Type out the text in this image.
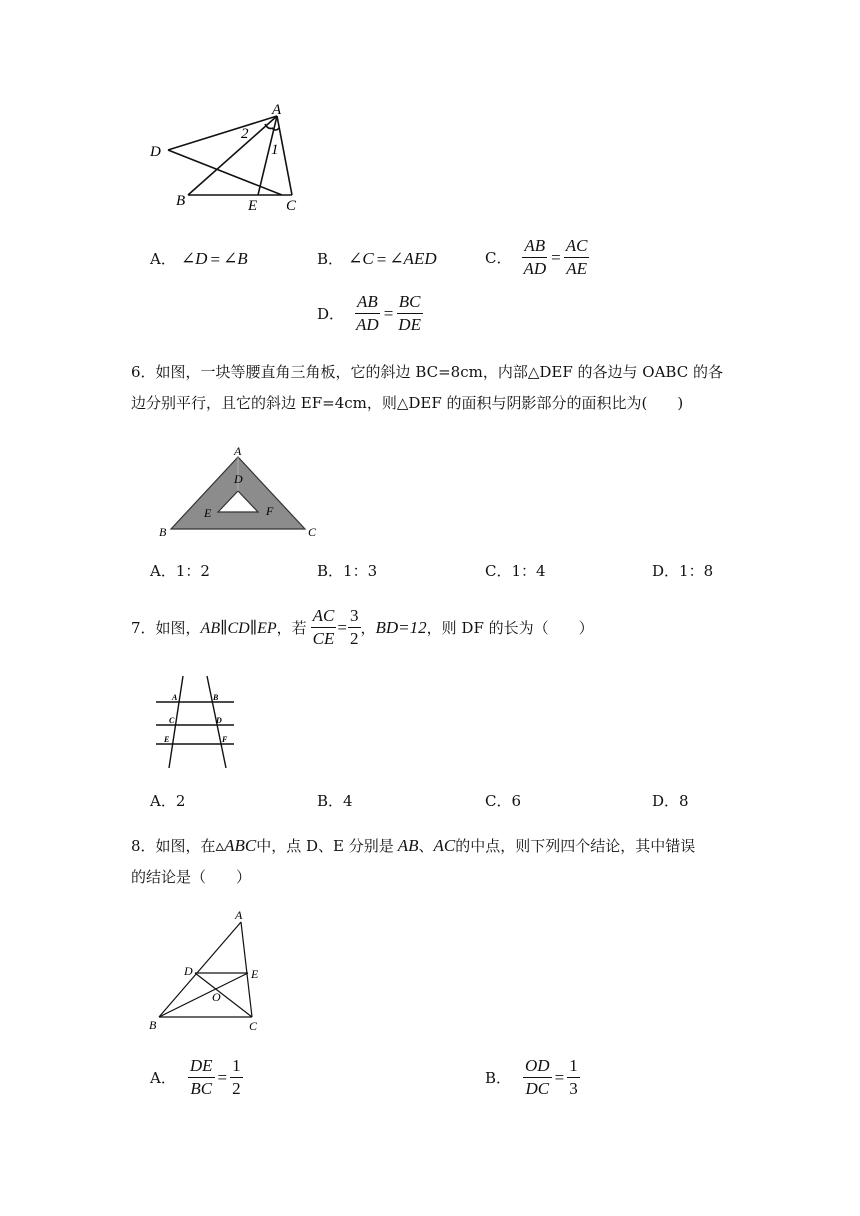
A
D
B	E C
2
1
A． ∠D = ∠B	B． ∠C = ∠AED	C． $\frac{AB}{AD} = \frac{AC}{AE}$
D． $\frac{AB}{AD} = \frac{BC}{DE}$
6．如图，一块等腰直角三角板，它的斜边 BC=8cm，内部△DEF 的各边与 OABC 的各
边分别平行，且它的斜边 EF=4cm，则△DEF 的面积与阴影部分的面积比为(　　)
A
B	C
D
E	F
A．1：2	B．1：3	C．1：4	D．1：8
7．如图， AB∥CD∥EP ，若 $\frac{AC}{CE} = \frac{3}{2}$ ， BD=12 ，则 DF 的长为（　　）
A	B
C	D
E	F
A．2	B．4	C．6	D．8
8．如图，在 ▵ABC 中，点 D、E 分别是 AB 、 AC 的中点，则下列四个结论，其中错误
的结论是（　　）
A
D	E
O
B	C
A． $\frac{DE}{BC} = \frac{1}{2}$	B． $\frac{OD}{DC} = \frac{1}{3}$
